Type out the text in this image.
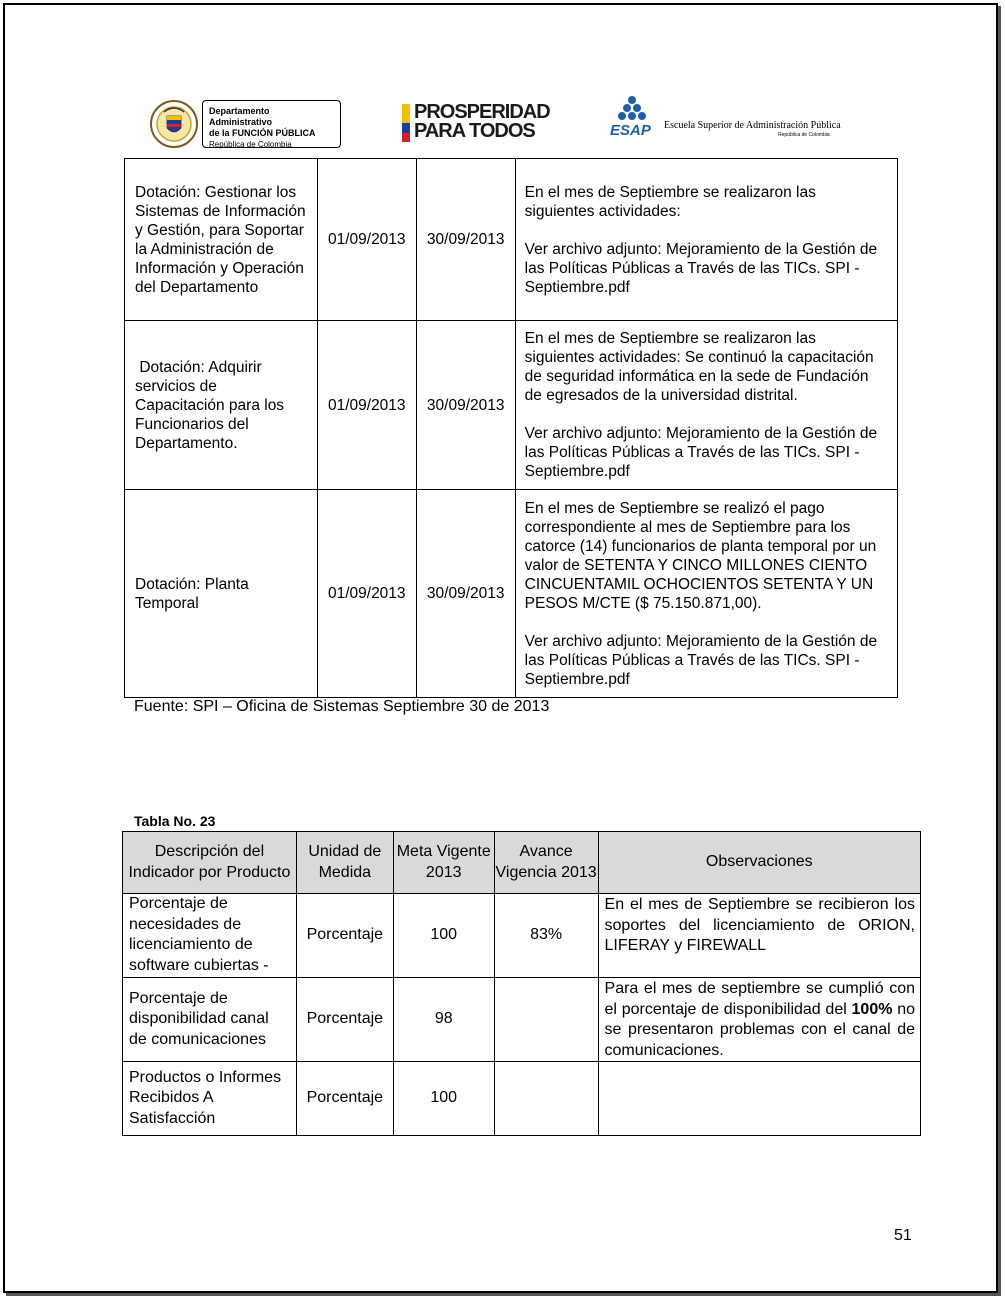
Departamento Administrativo
de la FUNCIÓN PÚBLICA
República de Colombia
PROSPERIDAD
PARA TODOS	ESAP Escuela Superior de Administración Pública
República de Colombia
Dotación: Gestionar los Sistemas de Información y Gestión, para Soportar la Administración de Información y Operación del Departamento	01/09/2013	30/09/2013	En el mes de Septiembre se realizaron las siguientes actividades:
Ver archivo adjunto: Mejoramiento de la Gestión de las Políticas Públicas a Través de las TICs. SPI - Septiembre.pdf
Dotación: Adquirir servicios de Capacitación para los Funcionarios del Departamento.	01/09/2013	30/09/2013	En el mes de Septiembre se realizaron las siguientes actividades: Se continuó la capacitación de seguridad informática en la sede de Fundación de egresados de la universidad distrital.
Ver archivo adjunto: Mejoramiento de la Gestión de las Políticas Públicas a Través de las TICs. SPI - Septiembre.pdf
Dotación: Planta Temporal	01/09/2013	30/09/2013	En el mes de Septiembre se realizó el pago correspondiente al mes de Septiembre para los catorce (14) funcionarios de planta temporal por un valor de SETENTA Y CINCO MILLONES CIENTO CINCUENTAMIL OCHOCIENTOS SETENTA Y UN PESOS M/CTE ($ 75.150.871,00).
Ver archivo adjunto: Mejoramiento de la Gestión de las Políticas Públicas a Través de las TICs. SPI - Septiembre.pdf
Fuente: SPI – Oficina de Sistemas Septiembre 30 de 2013
Tabla No. 23
Descripción del Indicador por Producto	Unidad de Medida	Meta Vigente 2013	Avance Vigencia 2013	Observaciones
Porcentaje de necesidades de licenciamiento de software cubiertas -	Porcentaje	100	83%	En el mes de Septiembre se recibieron los soportes del licenciamiento de ORION, LIFERAY y FIREWALL
Porcentaje de disponibilidad canal de comunicaciones	Porcentaje	98		Para el mes de septiembre se cumplió con el porcentaje de disponibilidad del 100% no se presentaron problemas con el canal de comunicaciones.
Productos o Informes Recibidos A Satisfacción	Porcentaje	100		
51
